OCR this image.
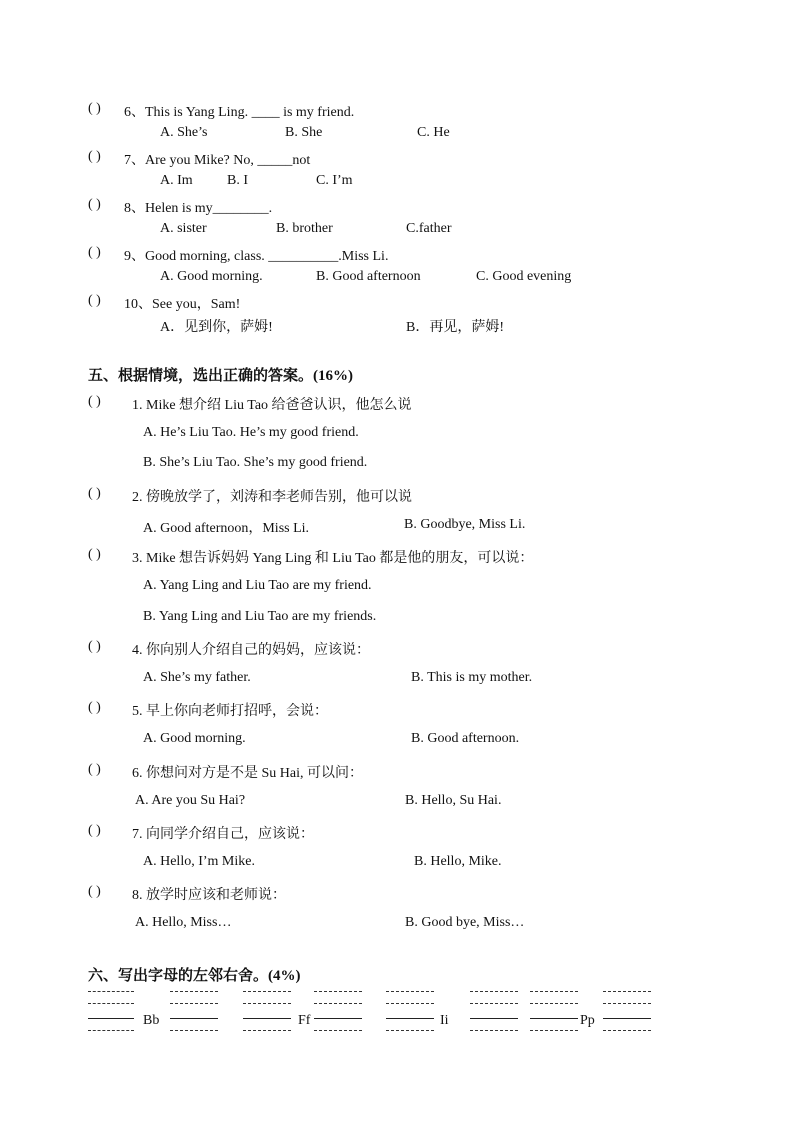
( ) 6、This is Yang Ling. ____ is my friend.
A. She’s	B. She	C. He
( ) 7、Are you Mike? No, _____not
A. Im B. I	C. I’m
( ) 8、Helen is my________.
A. sister	B. brother	C.father
( ) 9、Good morning, class. __________.Miss Li.
A. Good morning.	B. Good afternoon	C. Good evening
( ) 10、See you，Sam!
A．见到你，萨姆!	B．再见，萨姆!
五、根据情境，选出正确的答案。(16%)
( ) 1. Mike 想介绍 Liu Tao 给爸爸认识，他怎么说
A. He’s Liu Tao. He’s my good friend.
B. She’s Liu Tao. She’s my good friend.
( ) 2. 傍晚放学了，刘涛和李老师告别，他可以说
A. Good afternoon，Miss Li.	B. Goodbye, Miss Li.
( ) 3. Mike 想告诉妈妈 Yang Ling 和 Liu Tao 都是他的朋友，可以说：
A. Yang Ling and Liu Tao are my friend.
B. Yang Ling and Liu Tao are my friends.
( ) 4. 你向别人介绍自己的妈妈，应该说：
A. She’s my father.	B. This is my mother.
( ) 5. 早上你向老师打招呼，会说：
A. Good morning.	B. Good afternoon.
( ) 6. 你想问对方是不是 Su Hai, 可以问：
A. Are you Su Hai?	B. Hello, Su Hai.
( ) 7. 向同学介绍自己，应该说：
A. Hello, I’m Mike.	B. Hello, Mike.
( ) 8. 放学时应该和老师说：
A. Hello, Miss…	B. Good bye, Miss…
六、写出字母的左邻右舍。(4%)
Bb	Ff	Ii	Pp
